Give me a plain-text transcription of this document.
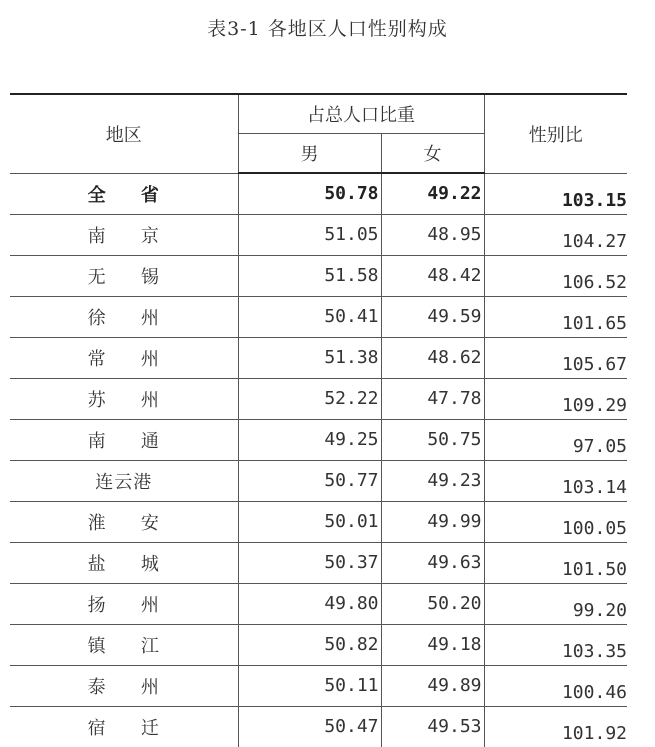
表3-1 各地区人口性别构成
地区	占总人口比重		性别比
	男	女	
全 省	50.78	49.22	103.15
南 京	51.05	48.95	104.27
无 锡	51.58	48.42	106.52
徐 州	50.41	49.59	101.65
常 州	51.38	48.62	105.67
苏 州	52.22	47.78	109.29
南 通	49.25	50.75	97.05
连云港	50.77	49.23	103.14
淮 安	50.01	49.99	100.05
盐 城	50.37	49.63	101.50
扬 州	49.80	50.20	99.20
镇 江	50.82	49.18	103.35
泰 州	50.11	49.89	100.46
宿 迁	50.47	49.53	101.92
